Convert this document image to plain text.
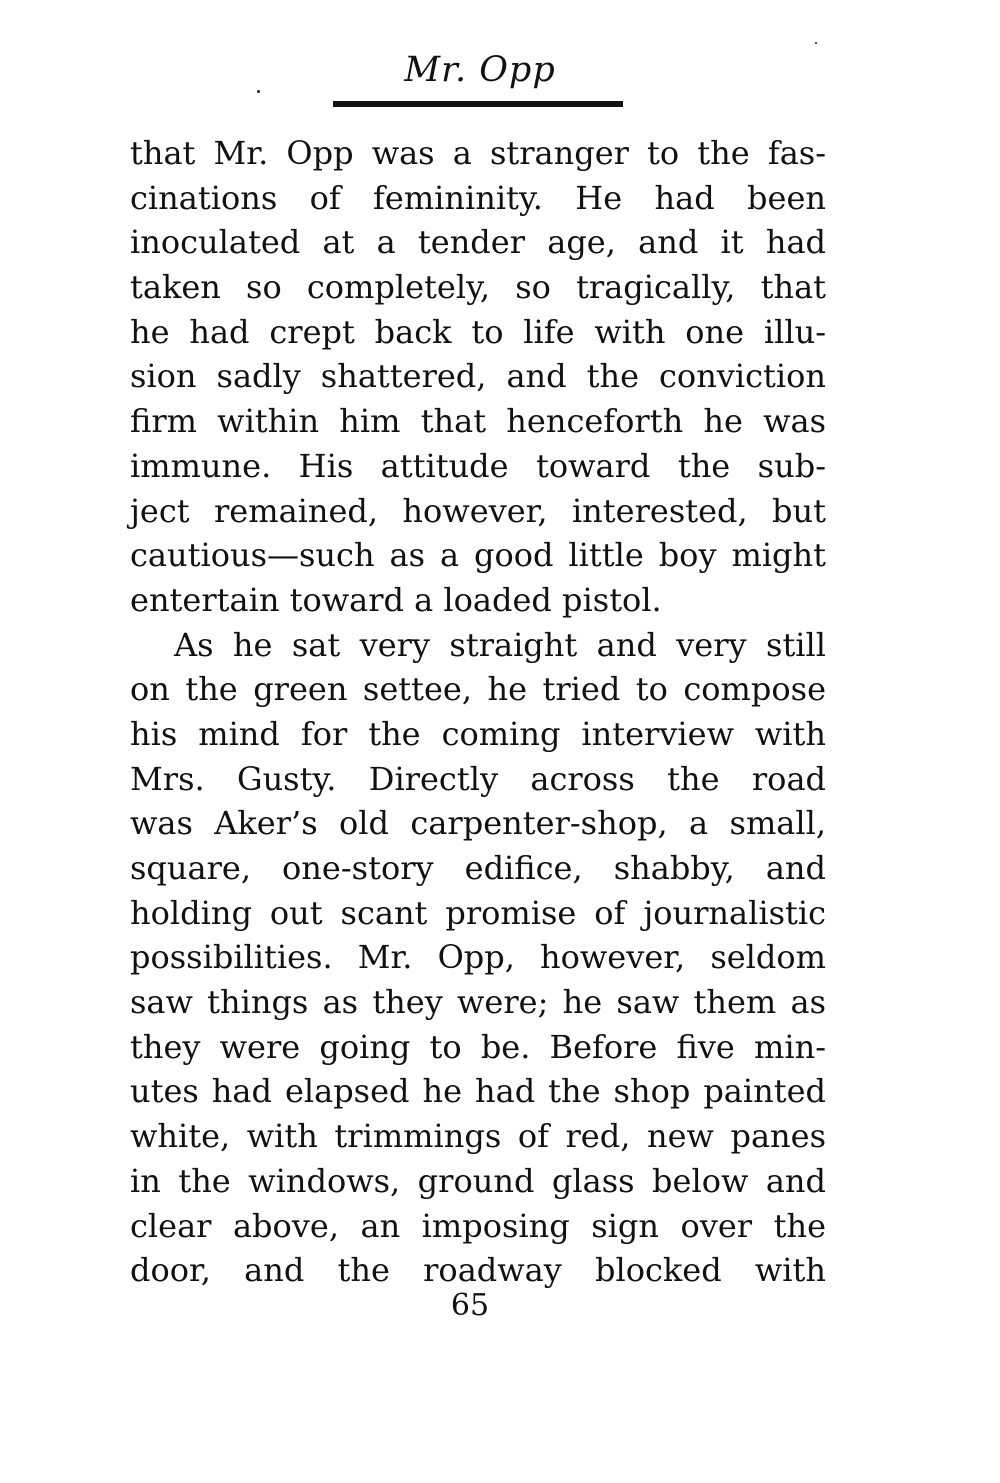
Mr. Opp
that Mr. Opp was a stranger to the fas-
cinations of femininity. He had been
inoculated at a tender age, and it had
taken so completely, so tragically, that
he had crept back to life with one illu-
sion sadly shattered, and the conviction
firm within him that henceforth he was
immune. His attitude toward the sub-
ject remained, however, interested, but
cautious—such as a good little boy might
entertain toward a loaded pistol.
As he sat very straight and very still
on the green settee, he tried to compose
his mind for the coming interview with
Mrs. Gusty. Directly across the road
was Aker’s old carpenter-shop, a small,
square, one-story edifice, shabby, and
holding out scant promise of journalistic
possibilities. Mr. Opp, however, seldom
saw things as they were; he saw them as
they were going to be. Before five min-
utes had elapsed he had the shop painted
white, with trimmings of red, new panes
in the windows, ground glass below and
clear above, an imposing sign over the
door, and the roadway blocked with
65
